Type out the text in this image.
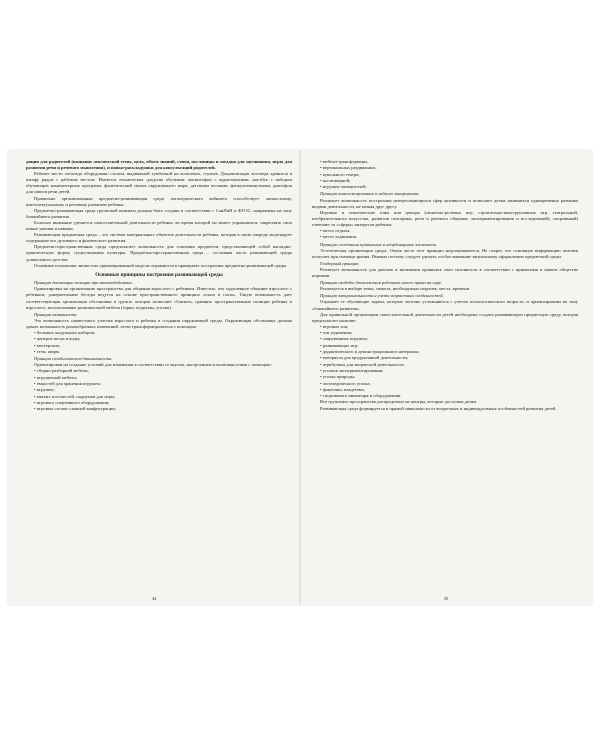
диции для родителей (название лексической темы, цель, объем знаний, стихи, пословицы и загадки для заучивания, игры для развития речи и речевого мышления), и папки-раскладушки для консультаций родителей.

Рабочее место логопеда оборудовано столом, выдвижной тумбочкой на колесиках, стульев. Документация логопеда хранится в шкафу рядом с рабочим местом. Имеются технические средства обучения: магнитофон с аудиозаписями, ноутбук с набором обучающих компьютерных программ, фонетический звуков окружающего мира, детскими песнями, физкультминутками, диктофон для записи речи детей.

Правильно организованная предметно-развивающая среда логопедического кабинета способствует личностному, интеллектуальному и речевому развитию ребенка.

Предметно-развивающая среда групповой комнаты должна быть создана в соответствии с СанПиН и ФГОС, направлена на зону ближайшего развития.

Большое внимание уделяется самостоятельной деятельности ребенка, во время которой он может упражняться, закреплять свои новые умения и навыки.

Развивающая предметная среда – это система материальных объектов деятельности ребенка, которая в свою очередь моделирует содержание его духовного и физического развития.

Предметно-пространственная среда предполагает возможность для освоения предметов, представляющей собой наглядно-практическую форму существования культуры. Предметно-пространственная среда – составная часть развивающей среды дошкольного детства.

Основные положения личностно ориентированной модели отражаются в принципах построения предметно-развивающей среды.

Основные принципы построения развивающей среды
Принцип дистанции позиции при взаимодействии.

Ориентировка на организацию пространства для общения взрослого с ребенком. Известно, что задушевное общение взрослого с ребенком, доверительные беседы ведутся на основе пространственного принципа «глаза в глаза». Такую возможность дает соответствующая организация обстановки в группе, которая позволяет сблизить, сравнять пространственные позиции ребенка и взрослого, использование разновысокой мебели (горки, подиумы, уголки).

Принцип активности.

Это возможность совместного участия взрослого и ребенка в создании окружающей среды. Окружающая обстановка должна давать возможность разнообразных изменений, легко трансформироваться с помощью:

• больших модульных наборов;
• центров песка и воды;
• мастерских;
• стен, ширм.
Принцип стабильности-динамичности.

Ориентирован на создание условий для изменения в соответствии со вкусом, настроением и возможностями с помощью:

• сборно-разборной мебели;
• игрушечной мебели;
• емкостей для хранения игрушек;
• игрушек;
• мягких плоскостей, подиумов для игры;
• игрового спортивного оборудования;
• игровых столов сложной конфигурации;
34
• мебели-трансформеры,
• вертикальных раздвижных;
• кукольного театра;
• костюмерной;
• игрушек-заменителей.
Принцип комплексирования и гибкого зонирования.

Реализует возможность построения непересекающихся сфер активности и позволяет детям заниматься одновременно разными видами деятельности, не мешая друг другу.

Игровые и тематические зоны или центры (сюжетно-ролевых игр, строительно-конструктивных игр, театральной, изобразительного искусства, развития сенсорики, речи и речевого общения, экспериментирования и исследований), спортивный) отвечают за «сферы» интересов ребенка:

• место отдыха;
• место уединения.
Принцип сочетания привычных и неординарных элементов.

Эстетическая организация среды. Очень часто этот принцип недооценивается. Не секрет, что основную информацию человек получает при помощи зрения. Именно поэтому следует уделять особое внимание визуальному оформлению предметной среды.

Гендерный принцип.

Реализует возможность для девочек и мальчиков проявлять свои склонности в соответствии с принятыми в нашем обществе нормами.

Принцип свободы достижения ребенком своего права на игру.

Реализуется в выборе темы, сюжета, необходимых игрушек, места, времени.

Принцип эмоциональности и учета возрастных особенностей.

Отражает те обучающие задачи, которые логично усложняются с учетом психологического возраста, и ориентированы на зону «ближайшего развития».

Для правильной организации самостоятельной деятельности детей необходимо создать развивающую предметную среду, которая предполагает наличие:

• игровых зон;
• зон уединения;
• современных игрушек;
• развивающих игр;
• дидактического и демонстрационного материала;
• материала для продуктивной деятельности;
• атрибутики для творческой деятельности;
• уголков экспериментирования;
• уголка природы;
• логопедического уголка;
• фонетики, владетеки;
• спортивного инвентаря и оборудования.

Все групповое пространство распределено на центры, которые доступны детям.

Развивающая среда формируется в прямой зависимости от возрастных и индивидуальных особенностей развития детей.

35
